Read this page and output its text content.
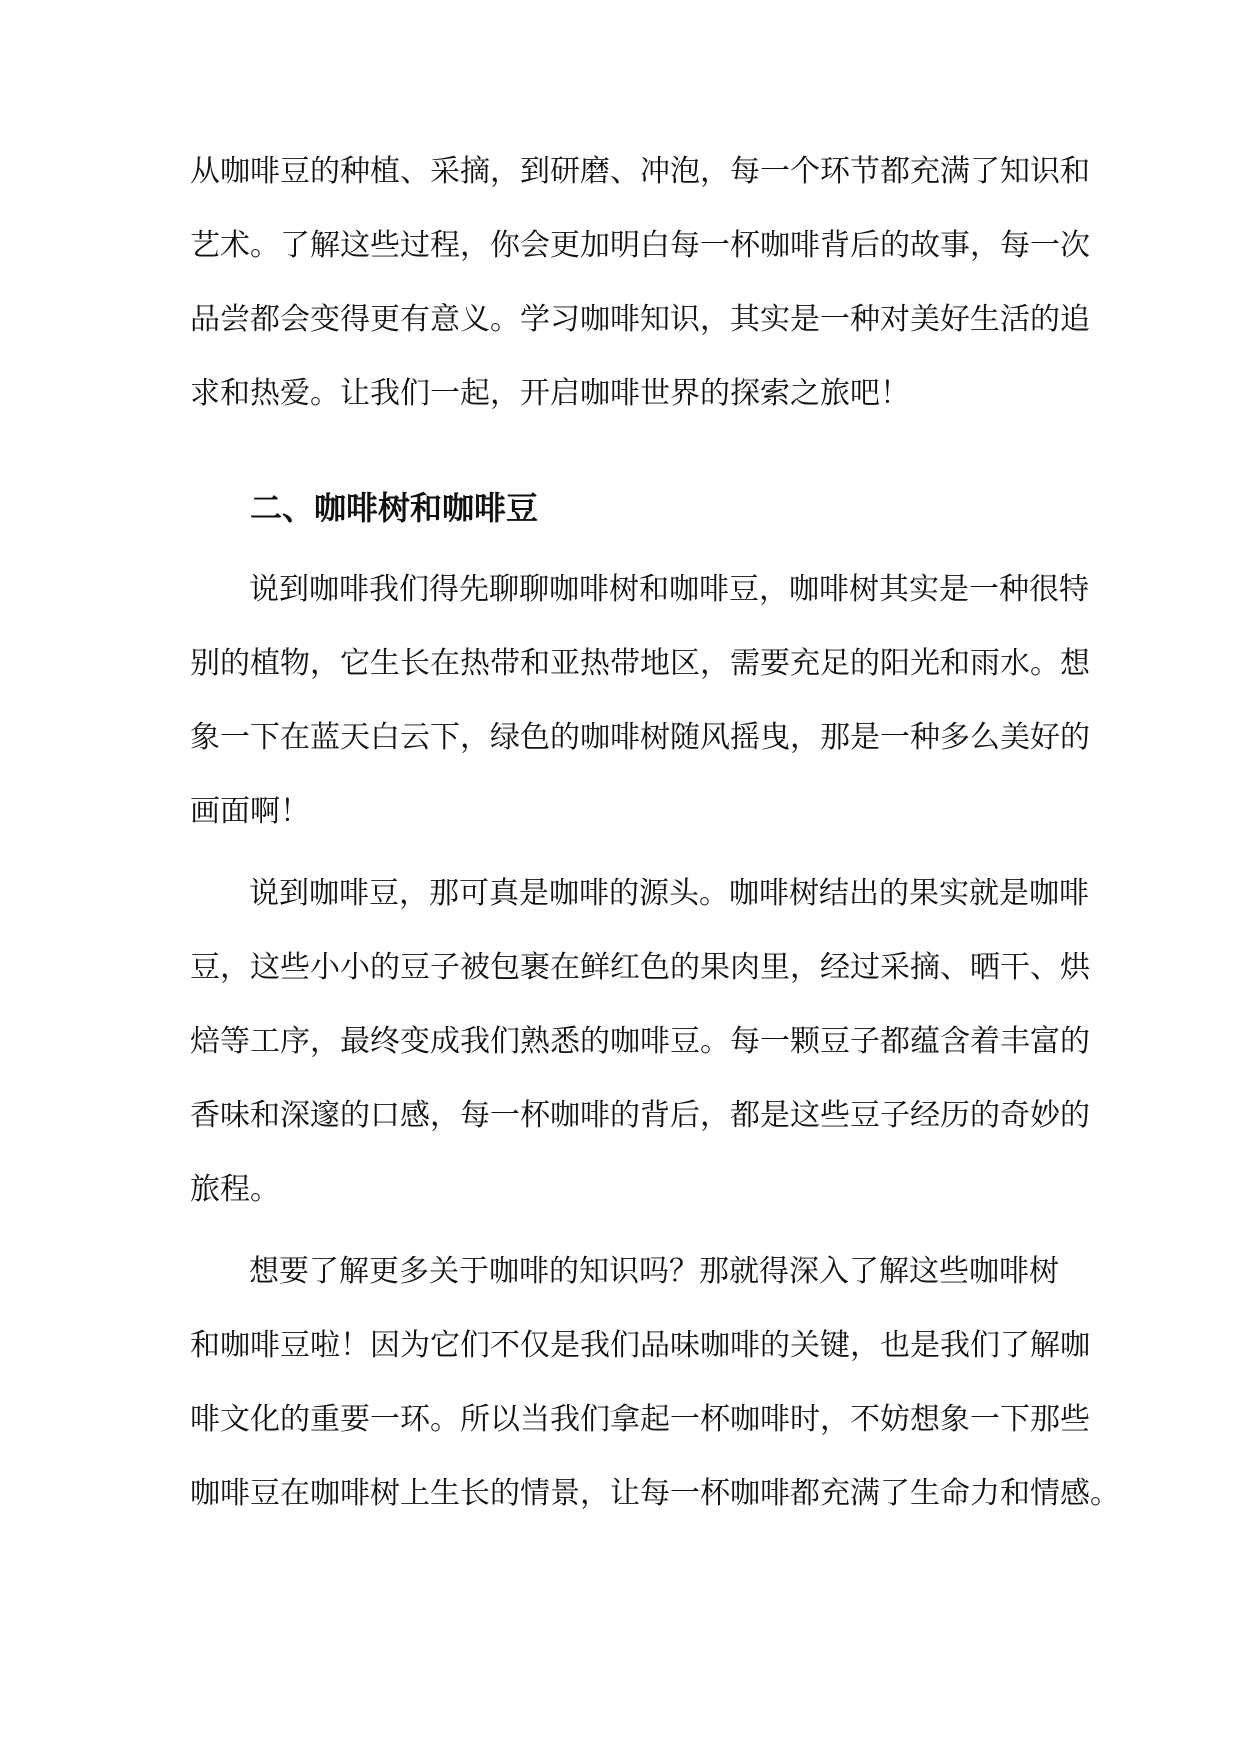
从咖啡豆的种植、采摘，到研磨、冲泡，每一个环节都充满了知识和
艺术。了解这些过程，你会更加明白每一杯咖啡背后的故事，每一次
品尝都会变得更有意义。学习咖啡知识，其实是一种对美好生活的追
求和热爱。让我们一起，开启咖啡世界的探索之旅吧！
二、咖啡树和咖啡豆
说到咖啡我们得先聊聊咖啡树和咖啡豆，咖啡树其实是一种很特
别的植物，它生长在热带和亚热带地区，需要充足的阳光和雨水。想
象一下在蓝天白云下，绿色的咖啡树随风摇曳，那是一种多么美好的
画面啊！
说到咖啡豆，那可真是咖啡的源头。咖啡树结出的果实就是咖啡
豆，这些小小的豆子被包裹在鲜红色的果肉里，经过采摘、晒干、烘
焙等工序，最终变成我们熟悉的咖啡豆。每一颗豆子都蕴含着丰富的
香味和深邃的口感，每一杯咖啡的背后，都是这些豆子经历的奇妙的
旅程。
想要了解更多关于咖啡的知识吗？那就得深入了解这些咖啡树
和咖啡豆啦！因为它们不仅是我们品味咖啡的关键，也是我们了解咖
啡文化的重要一环。所以当我们拿起一杯咖啡时，不妨想象一下那些
咖啡豆在咖啡树上生长的情景，让每一杯咖啡都充满了生命力和情感。
